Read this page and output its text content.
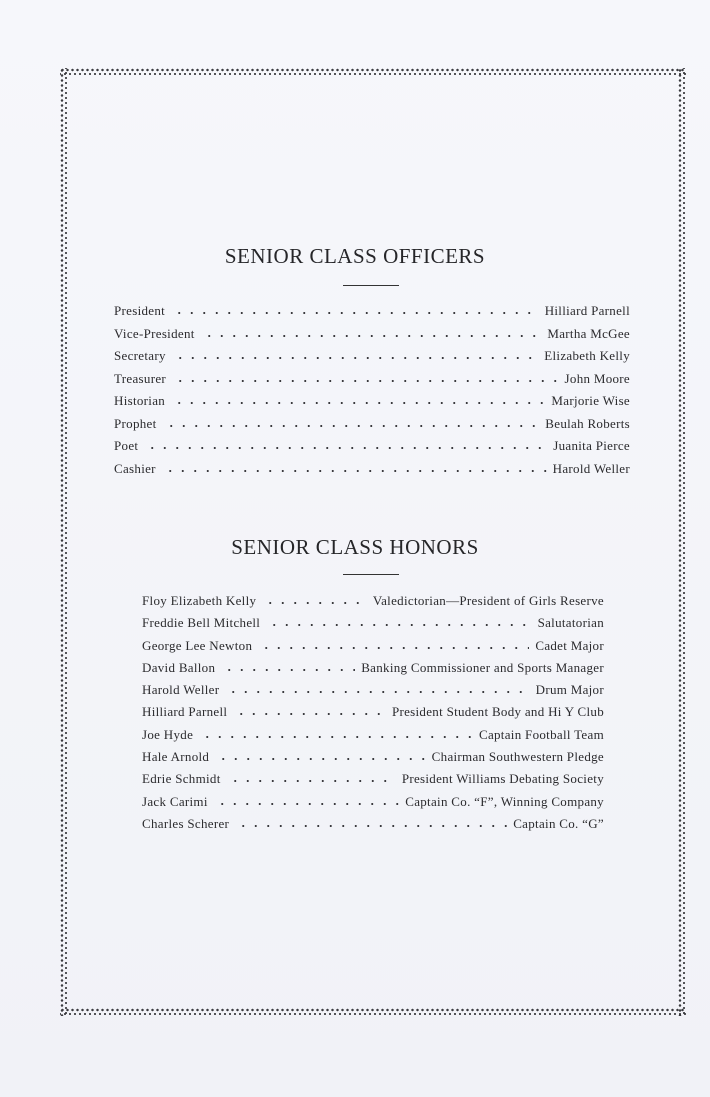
SENIOR CLASS OFFICERS
President	Hilliard Parnell
Vice-President	Martha McGee
Secretary	Elizabeth Kelly
Treasurer	John Moore
Historian	Marjorie Wise
Prophet	Beulah Roberts
Poet	Juanita Pierce
Cashier	Harold Weller
SENIOR CLASS HONORS
Floy Elizabeth Kelly	Valedictorian—President of Girls Reserve
Freddie Bell Mitchell	Salutatorian
George Lee Newton	Cadet Major
David Ballon	Banking Commissioner and Sports Manager
Harold Weller	Drum Major
Hilliard Parnell	President Student Body and Hi Y Club
Joe Hyde	Captain Football Team
Hale Arnold	Chairman Southwestern Pledge
Edrie Schmidt	President Williams Debating Society
Jack Carimi	Captain Co. “F”, Winning Company
Charles Scherer	Captain Co. “G”
